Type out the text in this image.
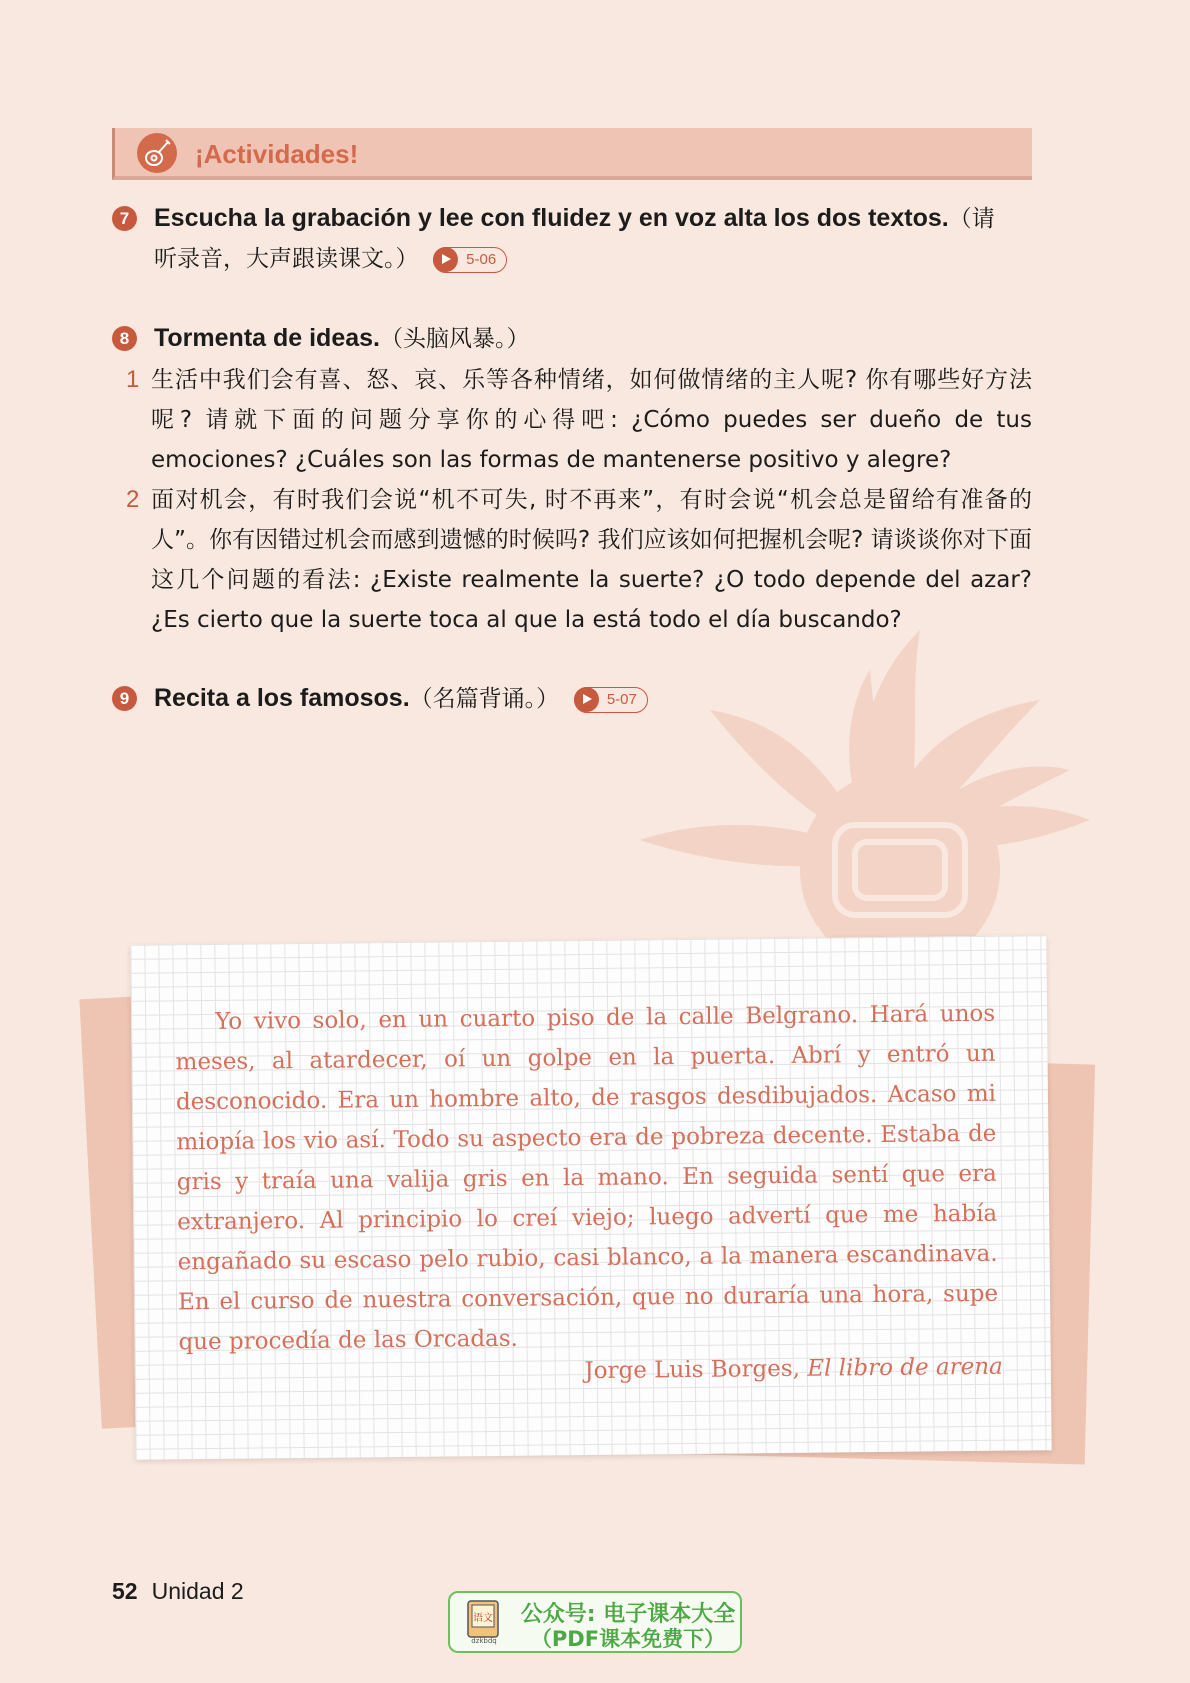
¡Actividades!
7 Escucha la grabación y lee con fluidez y en voz alta los dos textos.（请
听录音，大声跟读课文。）	5-06
8 Tormenta de ideas.（头脑风暴。）
1 生活中我们会有喜、怒、哀、乐等各种情绪，如何做情绪的主人呢? 你有哪些好方法呢? 请就下面的问题分享你的心得吧: ¿Cómo puedes ser dueño de tus emociones? ¿Cuáles son las formas de mantenerse positivo y alegre?
2 面对机会，有时我们会说“机不可失, 时不再来”，有时会说“机会总是留给有准备的人”。你有因错过机会而感到遗憾的时候吗? 我们应该如何把握机会呢? 请谈谈你对下面这几个问题的看法: ¿Existe realmente la suerte? ¿O todo depende del azar? ¿Es cierto que la suerte toca al que la está todo el día buscando?
9 Recita a los famosos.（名篇背诵。）	5-07
Yo vivo solo, en un cuarto piso de la calle Belgrano. Hará unos meses, al atardecer, oí un golpe en la puerta. Abrí y entró un desconocido. Era un hombre alto, de rasgos desdibujados. Acaso mi miopía los vio así. Todo su aspecto era de pobreza decente. Estaba de gris y traía una valija gris en la mano. En seguida sentí que era extranjero. Al principio lo creí viejo; luego advertí que me había engañado su escaso pelo rubio, casi blanco, a la manera escandinava. En el curso de nuestra conversación, que no duraría una hora, supe que procedía de las Orcadas.
Jorge Luis Borges, El libro de arena
52 Unidad 2
语文
dzkbdq
公众号: 电子课本大全
（PDF课本免费下）
